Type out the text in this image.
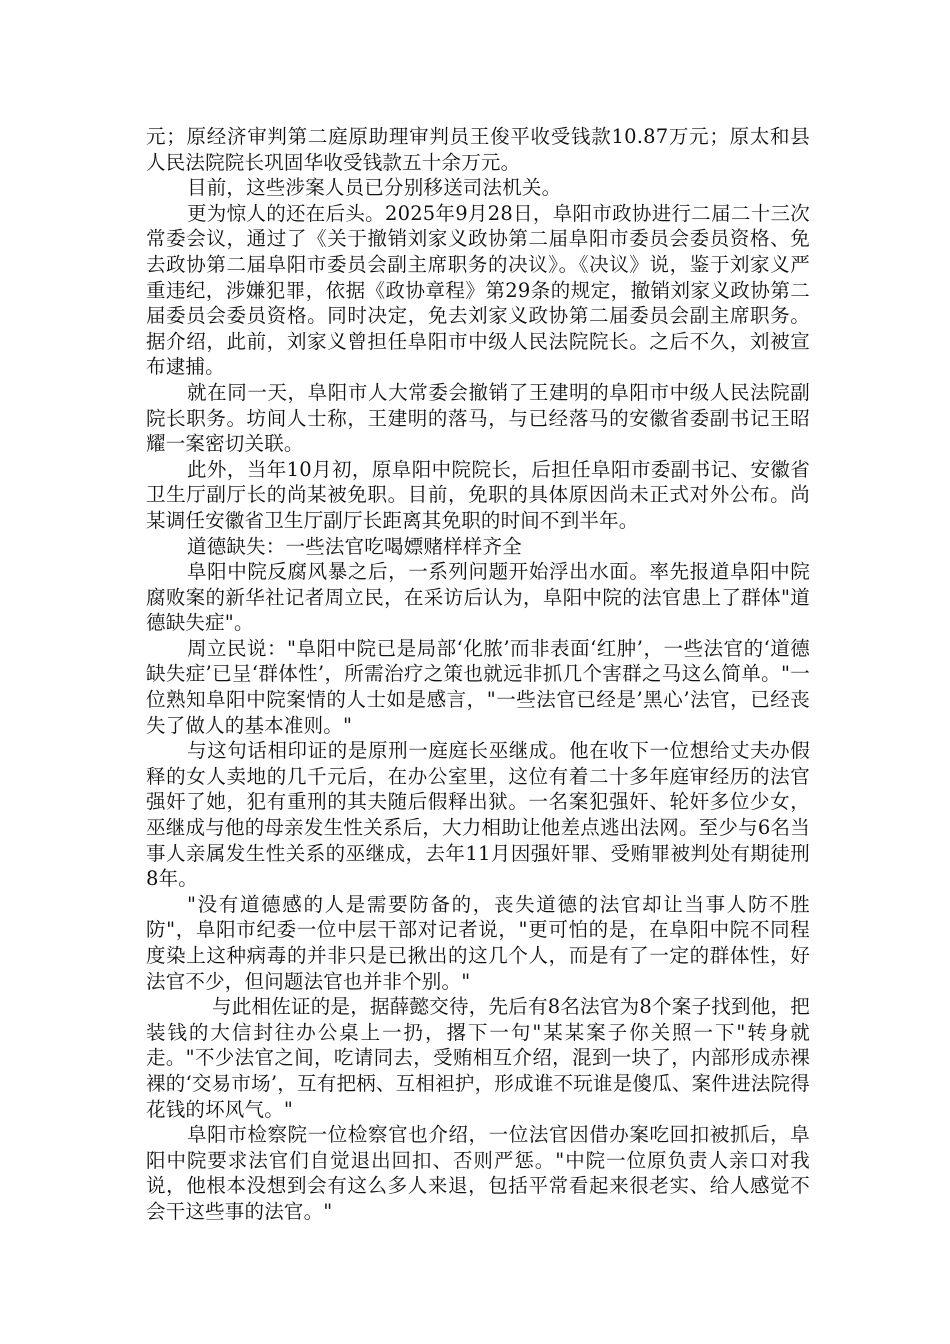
元；原经济审判第二庭原助理审判员王俊平收受钱款10.87万元；原太和县人民法院院长巩固华收受钱款五十余万元。

目前，这些涉案人员已分别移送司法机关。

更为惊人的还在后头。2025年9月28日，阜阳市政协进行二届二十三次常委会议，通过了《关于撤销刘家义政协第二届阜阳市委员会委员资格、免去政协第二届阜阳市委员会副主席职务的决议》。《决议》说，鉴于刘家义严重违纪，涉嫌犯罪，依据《政协章程》第29条的规定，撤销刘家义政协第二届委员会委员资格。同时决定，免去刘家义政协第二届委员会副主席职务。据介绍，此前，刘家义曾担任阜阳市中级人民法院院长。之后不久，刘被宣布逮捕。

就在同一天，阜阳市人大常委会撤销了王建明的阜阳市中级人民法院副院长职务。坊间人士称，王建明的落马，与已经落马的安徽省委副书记王昭耀一案密切关联。

此外，当年10月初，原阜阳中院院长，后担任阜阳市委副书记、安徽省卫生厅副厅长的尚某被免职。目前，免职的具体原因尚未正式对外公布。尚某调任安徽省卫生厅副厅长距离其免职的时间不到半年。

道德缺失：一些法官吃喝嫖赌样样齐全

阜阳中院反腐风暴之后，一系列问题开始浮出水面。率先报道阜阳中院腐败案的新华社记者周立民，在采访后认为，阜阳中院的法官患上了群体"道德缺失症"。

周立民说："阜阳中院已是局部‘化脓’而非表面‘红肿’，一些法官的‘道德缺失症’已呈‘群体性’，所需治疗之策也就远非抓几个害群之马这么简单。"一位熟知阜阳中院案情的人士如是感言，"一些法官已经是’黑心’法官，已经丧失了做人的基本准则。"

与这句话相印证的是原刑一庭庭长巫继成。他在收下一位想给丈夫办假释的女人卖地的几千元后，在办公室里，这位有着二十多年庭审经历的法官强奸了她，犯有重刑的其夫随后假释出狱。一名案犯强奸、轮奸多位少女，巫继成与他的母亲发生性关系后，大力相助让他差点逃出法网。至少与6名当事人亲属发生性关系的巫继成，去年11月因强奸罪、受贿罪被判处有期徒刑8年。

"没有道德感的人是需要防备的，丧失道德的法官却让当事人防不胜防"，阜阳市纪委一位中层干部对记者说，"更可怕的是，在阜阳中院不同程度染上这种病毒的并非只是已揪出的这几个人，而是有了一定的群体性，好法官不少，但问题法官也并非个别。"

与此相佐证的是，据薛懿交待，先后有8名法官为8个案子找到他，把装钱的大信封往办公桌上一扔，撂下一句"某某案子你关照一下"转身就走。"不少法官之间，吃请同去，受贿相互介绍，混到一块了，内部形成赤裸裸的‘交易市场’，互有把柄、互相袒护，形成谁不玩谁是傻瓜、案件进法院得花钱的坏风气。"

阜阳市检察院一位检察官也介绍，一位法官因借办案吃回扣被抓后，阜阳中院要求法官们自觉退出回扣、否则严惩。"中院一位原负责人亲口对我说，他根本没想到会有这么多人来退，包括平常看起来很老实、给人感觉不会干这些事的法官。"
